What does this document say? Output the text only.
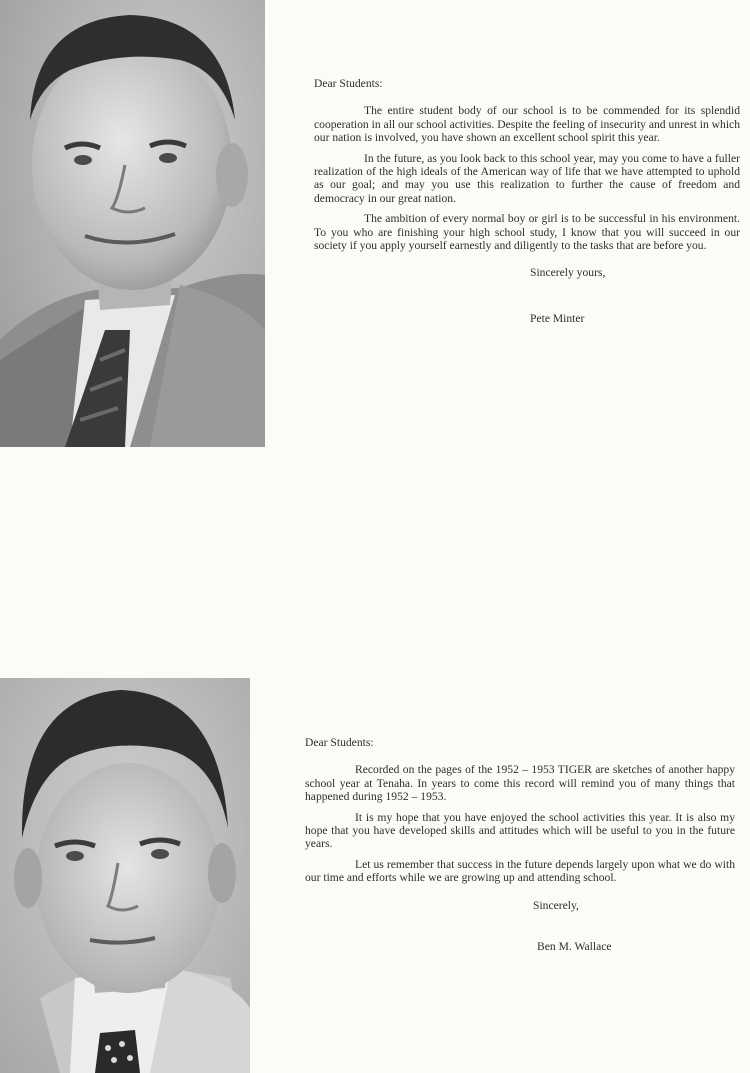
Dear Students:

The entire student body of our school is to be commended for its splendid cooperation in all our school activities. Despite the feeling of insecurity and unrest in which our nation is involved, you have shown an excellent school spirit this year.

In the future, as you look back to this school year, may you come to have a fuller realization of the high ideals of the American way of life that we have attempted to uphold as our goal; and may you use this realization to further the cause of freedom and democracy in our great nation.

The ambition of every normal boy or girl is to be successful in his environment. To you who are finishing your high school study, I know that you will succeed in our society if you apply yourself earnestly and diligently to the tasks that are before you.

Sincerely yours,

Pete Minter

Dear Students:

Recorded on the pages of the 1952 – 1953 TIGER are sketches of another happy school year at Tenaha. In years to come this record will remind you of many things that happened during 1952 – 1953.

It is my hope that you have enjoyed the school activities this year. It is also my hope that you have developed skills and attitudes which will be useful to you in the future years.

Let us remember that success in the future depends largely upon what we do with our time and efforts while we are growing up and attending school.

Sincerely,

Ben M. Wallace
